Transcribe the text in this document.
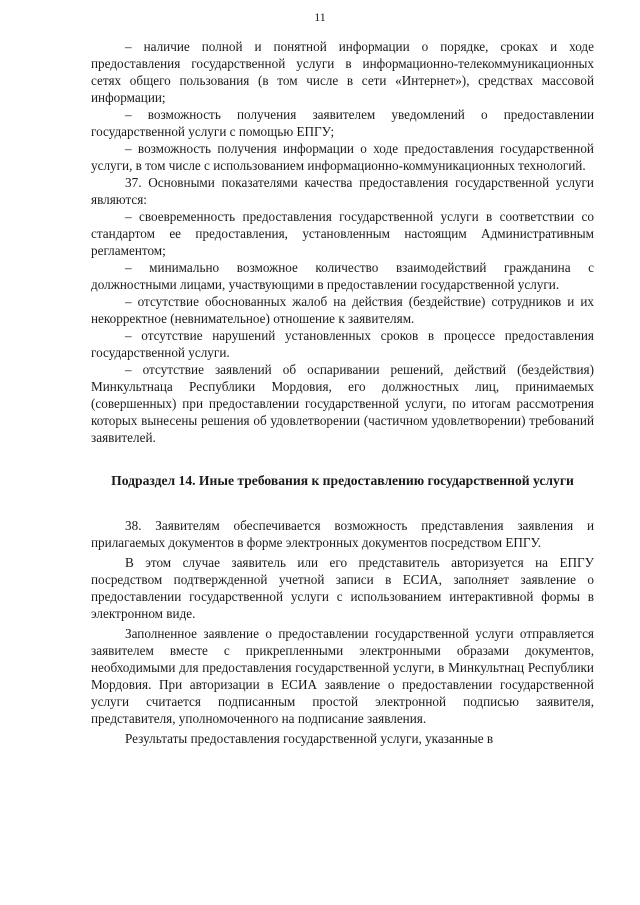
11

– наличие полной и понятной информации о порядке, сроках и ходе предоставления государственной услуги в информационно-телекоммуникационных сетях общего пользования (в том числе в сети «Интернет»), средствах массовой информации;

– возможность получения заявителем уведомлений о предоставлении государственной услуги с помощью ЕПГУ;

– возможность получения информации о ходе предоставления государственной услуги, в том числе с использованием информационно-коммуникационных технологий.

37. Основными показателями качества предоставления государственной услуги являются:

– своевременность предоставления государственной услуги в соответствии со стандартом ее предоставления, установленным настоящим Административным регламентом;

– минимально возможное количество взаимодействий гражданина с должностными лицами, участвующими в предоставлении государственной услуги.

– отсутствие обоснованных жалоб на действия (бездействие) сотрудников и их некорректное (невнимательное) отношение к заявителям.

– отсутствие нарушений установленных сроков в процессе предоставления государственной услуги.

– отсутствие заявлений об оспаривании решений, действий (бездействия) Минкультнаца Республики Мордовия, его должностных лиц, принимаемых (совершенных) при предоставлении государственной услуги, по итогам рассмотрения которых вынесены решения об удовлетворении (частичном удовлетворении) требований заявителей.

Подраздел 14. Иные требования к предоставлению государственной услуги

38. Заявителям обеспечивается возможность представления заявления и прилагаемых документов в форме электронных документов посредством ЕПГУ.

В этом случае заявитель или его представитель авторизуется на ЕПГУ посредством подтвержденной учетной записи в ЕСИА, заполняет заявление о предоставлении государственной услуги с использованием интерактивной формы в электронном виде.

Заполненное заявление о предоставлении государственной услуги отправляется заявителем вместе с прикрепленными электронными образами документов, необходимыми для предоставления государственной услуги, в Минкультнац Республики Мордовия. При авторизации в ЕСИА заявление о предоставлении государственной услуги считается подписанным простой электронной подписью заявителя, представителя, уполномоченного на подписание заявления.

Результаты предоставления государственной услуги, указанные в
